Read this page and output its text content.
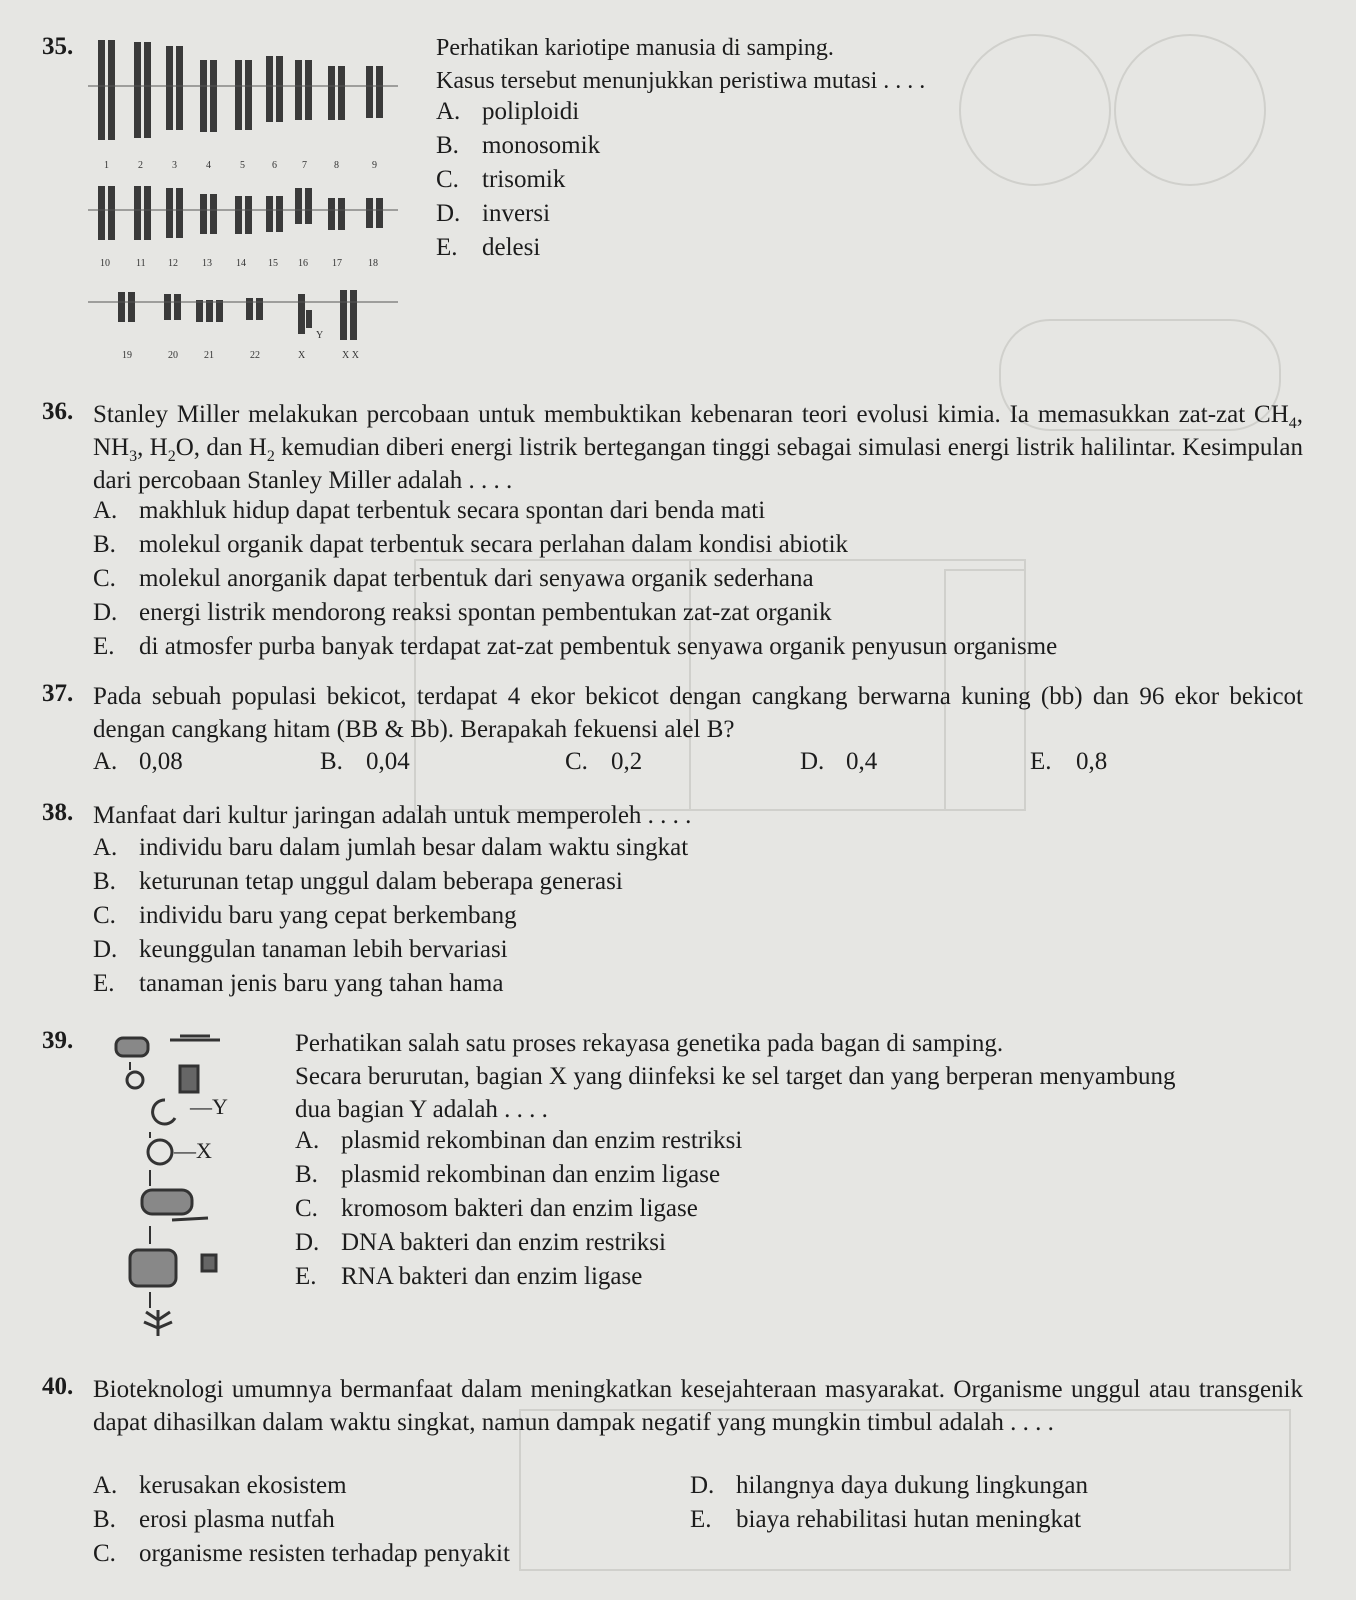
35.
1	2	3	4	5	6	7	8	9
10	11 12 13 14 15 16 17	18
19	20	21	22	X	X X
Y
Perhatikan kariotipe manusia di samping.
Kasus tersebut menunjukkan peristiwa mutasi . . . .
A. poliploidi
B. monosomik
C. trisomik
D. inversi
E. delesi
36. Stanley Miller melakukan percobaan untuk membuktikan kebenaran teori evolusi kimia. Ia memasukkan zat-zat $CH_4$, $NH_3$, $H_2O$, dan $H_2$ kemudian diberi energi listrik bertegangan tinggi sebagai simulasi energi listrik halilintar. Kesimpulan dari percobaan Stanley Miller adalah . . . .
A. makhluk hidup dapat terbentuk secara spontan dari benda mati
B. molekul organik dapat terbentuk secara perlahan dalam kondisi abiotik
C. molekul anorganik dapat terbentuk dari senyawa organik sederhana
D. energi listrik mendorong reaksi spontan pembentukan zat-zat organik
E. di atmosfer purba banyak terdapat zat-zat pembentuk senyawa organik penyusun organisme
37. Pada sebuah populasi bekicot, terdapat 4 ekor bekicot dengan cangkang berwarna kuning (bb) dan 96 ekor bekicot dengan cangkang hitam (BB & Bb). Berapakah fekuensi alel B?
A. 0,08	B. 0,04	C. 0,2	D. 0,4	E. 0,8
38. Manfaat dari kultur jaringan adalah untuk memperoleh . . . .
A. individu baru dalam jumlah besar dalam waktu singkat
B. keturunan tetap unggul dalam beberapa generasi
C. individu baru yang cepat berkembang
D. keunggulan tanaman lebih bervariasi
E. tanaman jenis baru yang tahan hama
39.
—Y
—X
Perhatikan salah satu proses rekayasa genetika pada bagan di samping.
Secara berurutan, bagian X yang diinfeksi ke sel target dan yang berperan menyambung
dua bagian Y adalah . . . .
A. plasmid rekombinan dan enzim restriksi
B. plasmid rekombinan dan enzim ligase
C. kromosom bakteri dan enzim ligase
D. DNA bakteri dan enzim restriksi
E. RNA bakteri dan enzim ligase
40. Bioteknologi umumnya bermanfaat dalam meningkatkan kesejahteraan masyarakat. Organisme unggul atau transgenik dapat dihasilkan dalam waktu singkat, namun dampak negatif yang mungkin timbul adalah . . . .
A. kerusakan ekosistem
B. erosi plasma nutfah
C. organisme resisten terhadap penyakit
D. hilangnya daya dukung lingkungan
E. biaya rehabilitasi hutan meningkat
